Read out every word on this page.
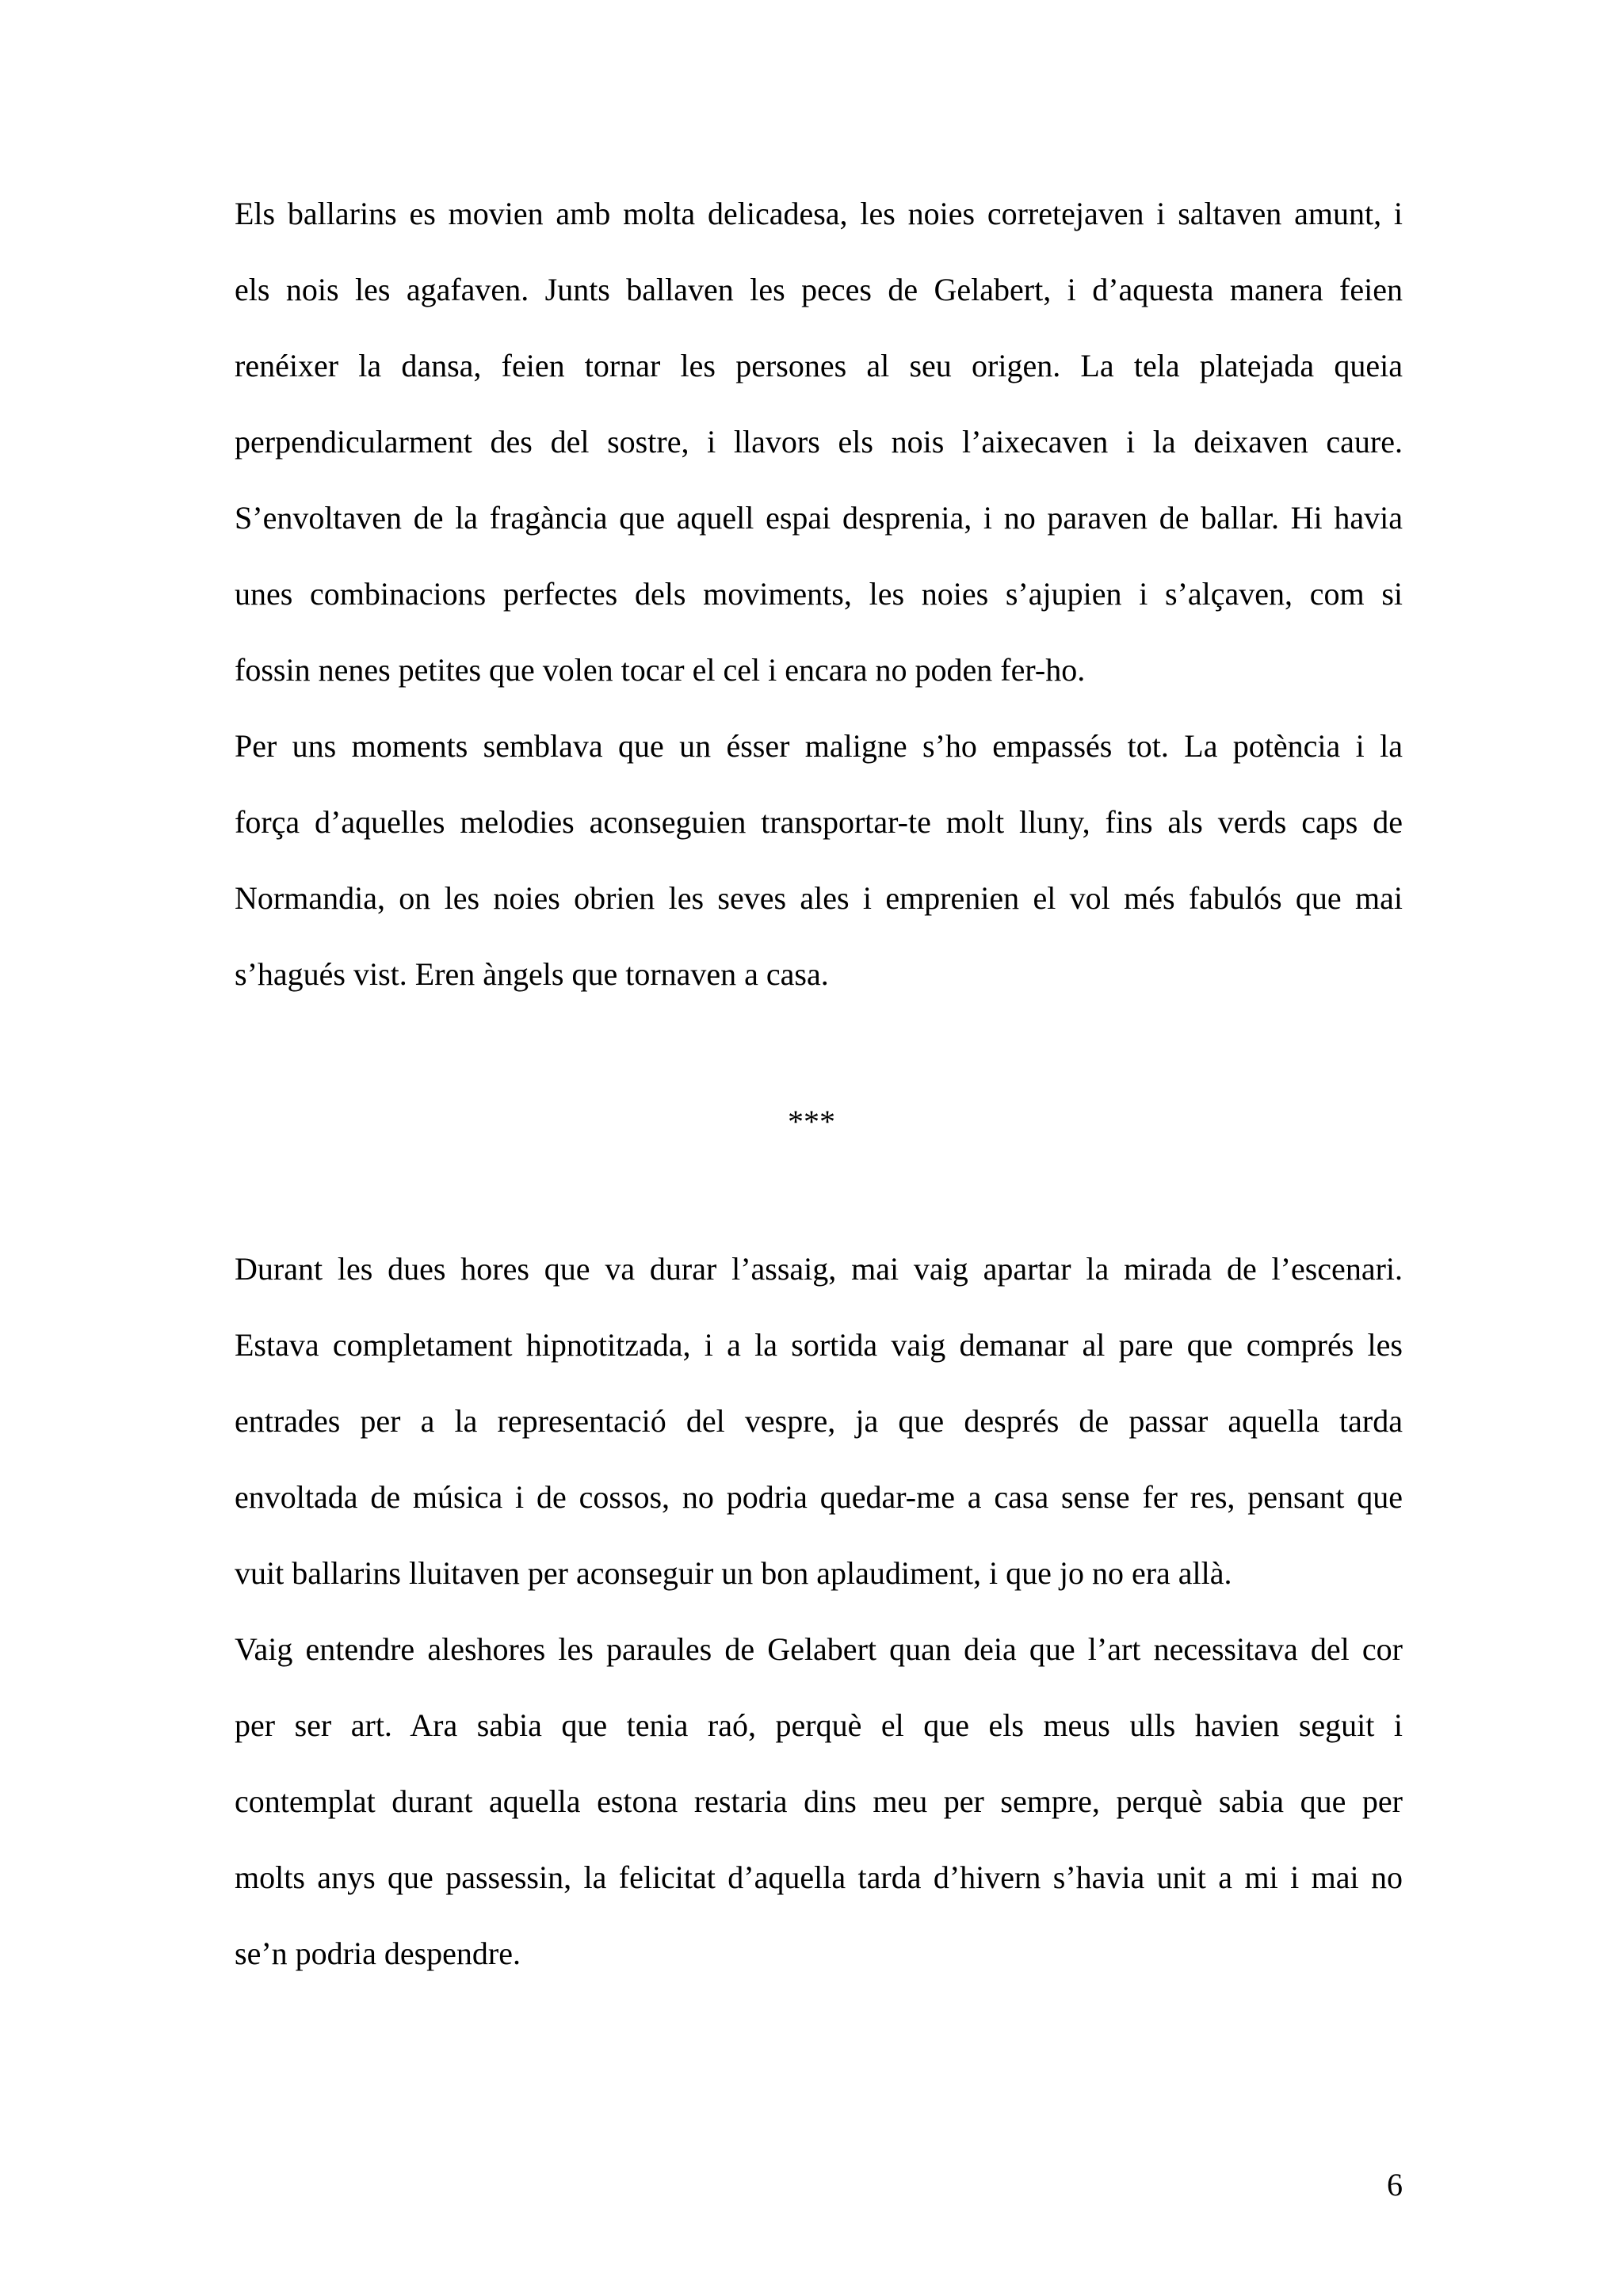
Els ballarins es movien amb molta delicadesa, les noies corretejaven i saltaven amunt, i
els nois les agafaven. Junts ballaven les peces de Gelabert, i d’aquesta manera feien
renéixer la dansa, feien tornar les persones al seu origen. La tela platejada queia
perpendicularment des del sostre, i llavors els nois l’aixecaven i la deixaven caure.
S’envoltaven de la fragància que aquell espai desprenia, i no paraven de ballar. Hi havia
unes combinacions perfectes dels moviments, les noies s’ajupien i s’alçaven, com si
fossin nenes petites que volen tocar el cel i encara no poden fer-ho.
Per uns moments semblava que un ésser maligne s’ho empassés tot. La potència i la
força d’aquelles melodies aconseguien transportar-te molt lluny, fins als verds caps de
Normandia, on les noies obrien les seves ales i emprenien el vol més fabulós que mai
s’hagués vist. Eren àngels que tornaven a casa.
***
Durant les dues hores que va durar l’assaig, mai vaig apartar la mirada de l’escenari.
Estava completament hipnotitzada, i a la sortida vaig demanar al pare que comprés les
entrades per a la representació del vespre, ja que després de passar aquella tarda
envoltada de música i de cossos, no podria quedar-me a casa sense fer res, pensant que
vuit ballarins lluitaven per aconseguir un bon aplaudiment, i que jo no era allà.
Vaig entendre aleshores les paraules de Gelabert quan deia que l’art necessitava del cor
per ser art. Ara sabia que tenia raó, perquè el que els meus ulls havien seguit i
contemplat durant aquella estona restaria dins meu per sempre, perquè sabia que per
molts anys que passessin, la felicitat d’aquella tarda d’hivern s’havia unit a mi i mai no
se’n podria despendre.
6
